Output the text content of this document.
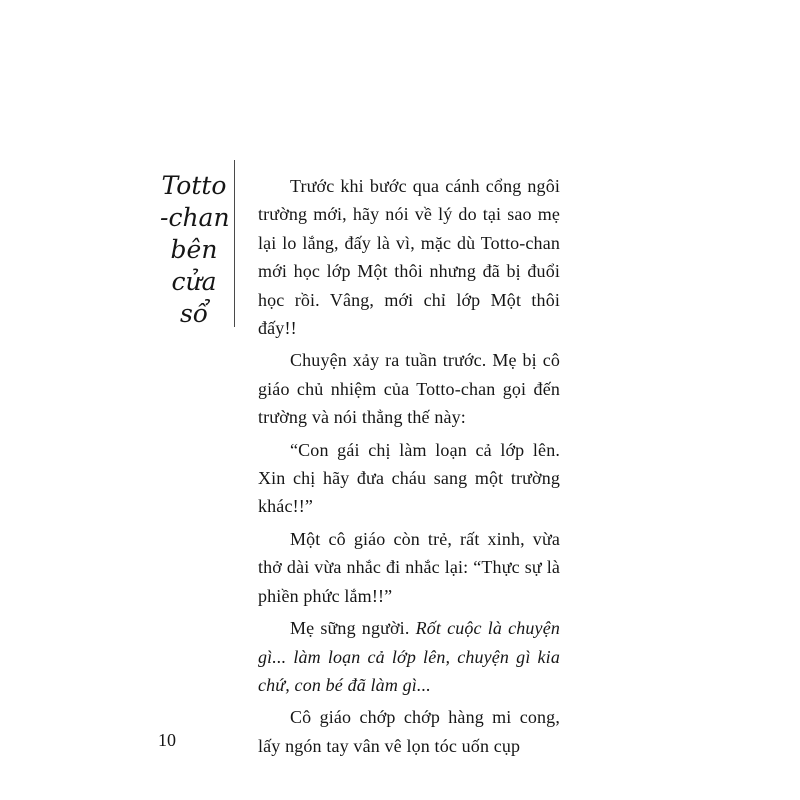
Totto
-chan
bên
cửa
sổ

Trước khi bước qua cánh cổng ngôi trường mới, hãy nói về lý do tại sao mẹ lại lo lắng, đấy là vì, mặc dù Totto-chan mới học lớp Một thôi nhưng đã bị đuổi học rồi. Vâng, mới chỉ lớp Một thôi đấy!!

Chuyện xảy ra tuần trước. Mẹ bị cô giáo chủ nhiệm của Totto-chan gọi đến trường và nói thẳng thế này:

“Con gái chị làm loạn cả lớp lên. Xin chị hãy đưa cháu sang một trường khác!!”

Một cô giáo còn trẻ, rất xinh, vừa thở dài vừa nhắc đi nhắc lại: “Thực sự là phiền phức lắm!!”

Mẹ sững người. Rốt cuộc là chuyện gì... làm loạn cả lớp lên, chuyện gì kia chứ, con bé đã làm gì...

Cô giáo chớp chớp hàng mi cong, lấy ngón tay vân vê lọn tóc uốn cụp

10
